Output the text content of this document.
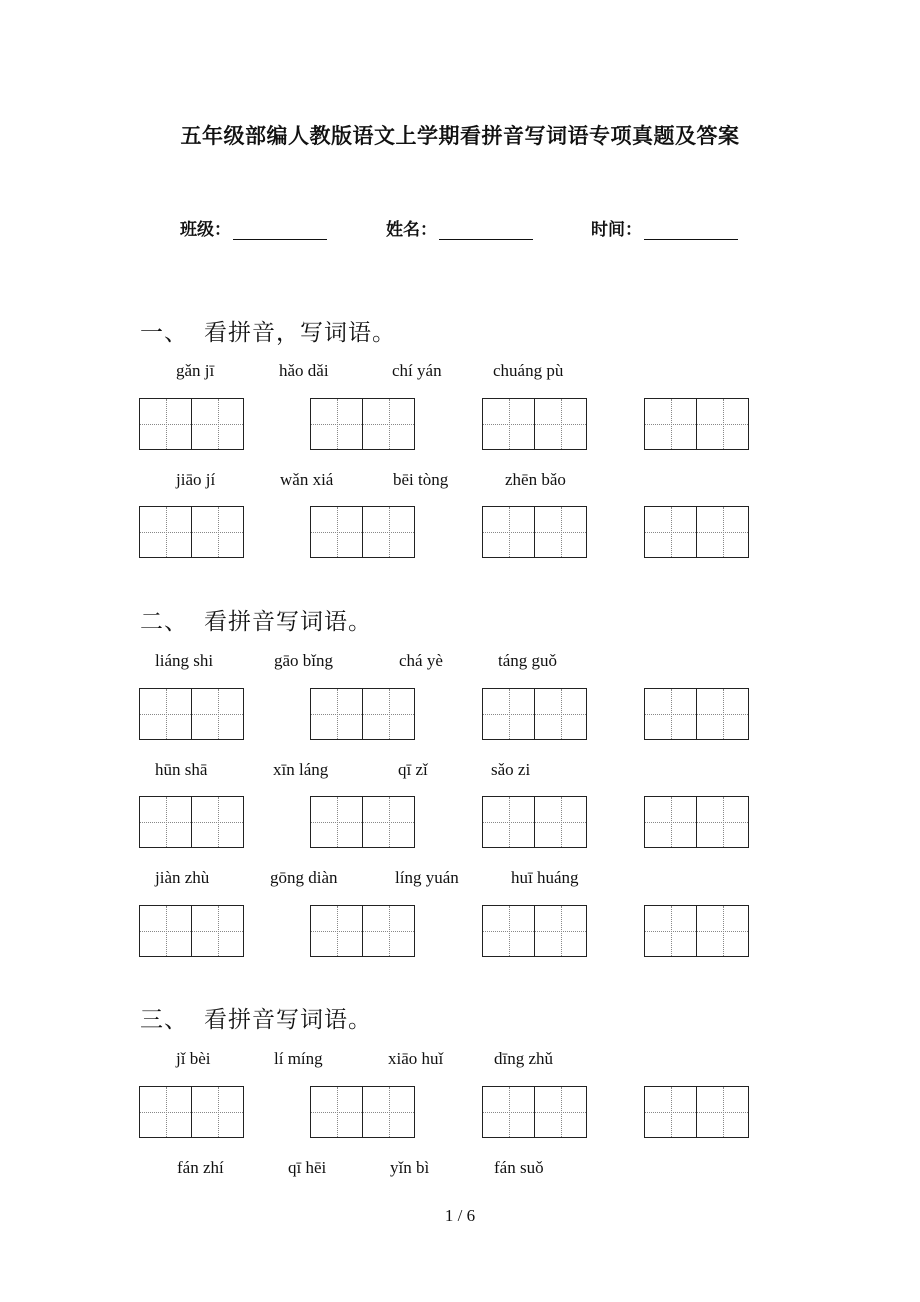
五年级部编人教版语文上学期看拼音写词语专项真题及答案
班级：	姓名：	时间：
一、 看拼音，写词语。
gǎn jī	hǎo dǎi	chí yán	chuáng pù
jiāo jí	wǎn xiá	bēi tòng	zhēn bǎo
二、 看拼音写词语。
liáng shi	gāo bǐng	chá yè	táng guǒ
hūn shā	xīn láng	qī zǐ	sǎo zi
jiàn zhù	gōng diàn	líng yuán	huī huáng
三、 看拼音写词语。
jǐ bèi	lí míng	xiāo huǐ	dīng zhǔ
fán zhí	qī hēi	yǐn bì	fán suǒ
1 / 6
